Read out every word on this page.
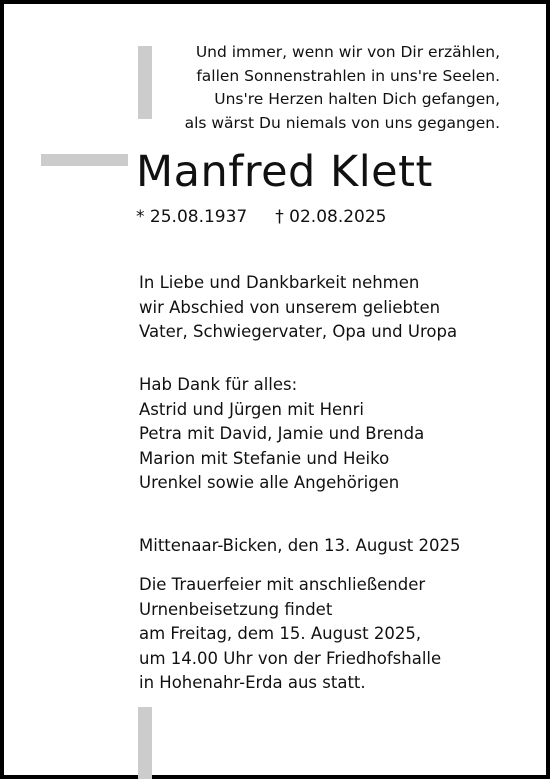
Und immer, wenn wir von Dir erzählen,
fallen Sonnenstrahlen in uns're Seelen.
Uns're Herzen halten Dich gefangen,
als wärst Du niemals von uns gegangen.
Manfred Klett
* 25.08.1937 † 02.08.2025
In Liebe und Dankbarkeit nehmen
wir Abschied von unserem geliebten
Vater, Schwiegervater, Opa und Uropa
Hab Dank für alles:
Astrid und Jürgen mit Henri
Petra mit David, Jamie und Brenda
Marion mit Stefanie und Heiko
Urenkel sowie alle Angehörigen
Mittenaar-Bicken, den 13. August 2025
Die Trauerfeier mit anschließender
Urnenbeisetzung findet
am Freitag, dem 15. August 2025,
um 14.00 Uhr von der Friedhofshalle
in Hohenahr-Erda aus statt.
